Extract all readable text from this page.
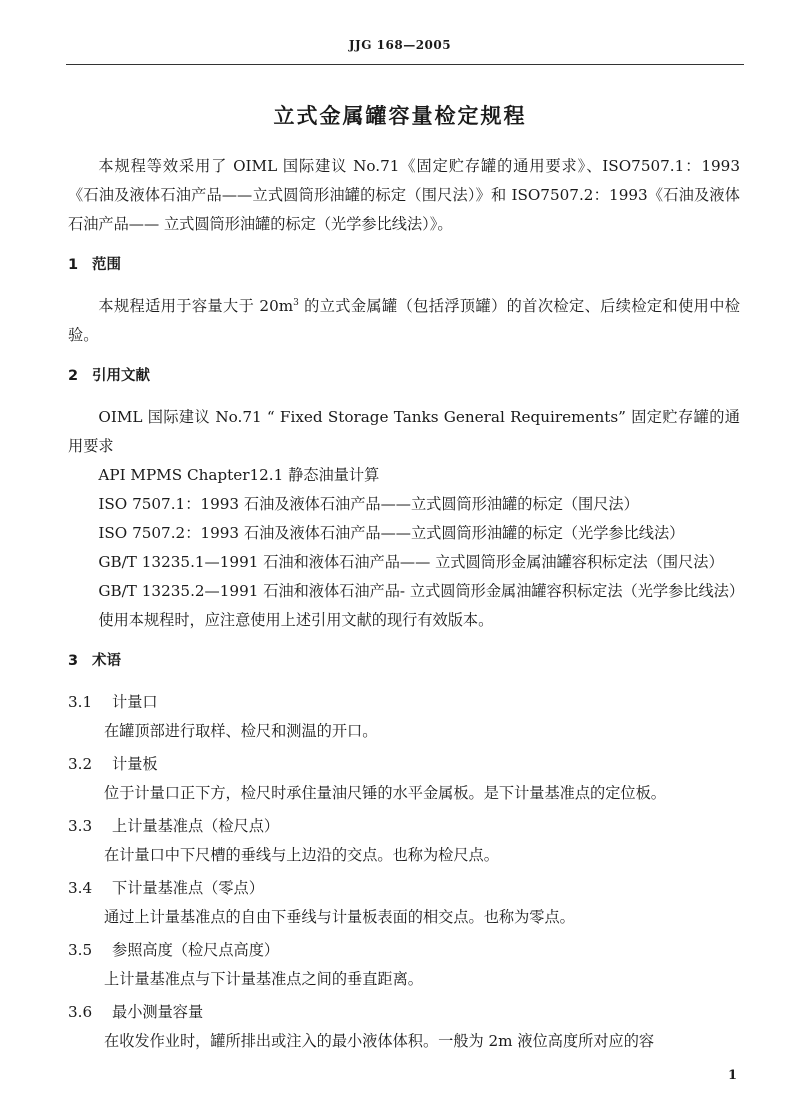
JJG 168—2005
立式金属罐容量检定规程

本规程等效采用了 OIML 国际建议 No.71《固定贮存罐的通用要求》、ISO7507.1：1993《石油及液体石油产品——立式圆筒形油罐的标定（围尺法）》和 ISO7507.2：1993《石油及液体石油产品—— 立式圆筒形油罐的标定（光学参比线法）》。

1 范围

本规程适用于容量大于 $20m^3$ 的立式金属罐（包括浮顶罐）的首次检定、后续检定和使用中检验。

2 引用文献

OIML 国际建议 No.71 “ Fixed Storage Tanks General Requirements” 固定贮存罐的通用要求

API MPMS Chapter12.1 静态油量计算

ISO 7507.1：1993 石油及液体石油产品——立式圆筒形油罐的标定（围尺法）

ISO 7507.2：1993 石油及液体石油产品——立式圆筒形油罐的标定（光学参比线法）

GB/T 13235.1—1991 石油和液体石油产品—— 立式圆筒形金属油罐容积标定法（围尺法）

GB/T 13235.2—1991 石油和液体石油产品- 立式圆筒形金属油罐容积标定法（光学参比线法）

使用本规程时，应注意使用上述引用文献的现行有效版本。

3 术语
3.1 计量口

在罐顶部进行取样、检尺和测温的开口。

3.2 计量板

位于计量口正下方，检尺时承住量油尺锤的水平金属板。是下计量基准点的定位板。

3.3 上计量基准点（检尺点）

在计量口中下尺槽的垂线与上边沿的交点。也称为检尺点。

3.4 下计量基准点（零点）

通过上计量基准点的自由下垂线与计量板表面的相交点。也称为零点。

3.5 参照高度（检尺点高度）

上计量基准点与下计量基准点之间的垂直距离。

3.6 最小测量容量

在收发作业时，罐所排出或注入的最小液体体积。一般为 2m 液位高度所对应的容

1
